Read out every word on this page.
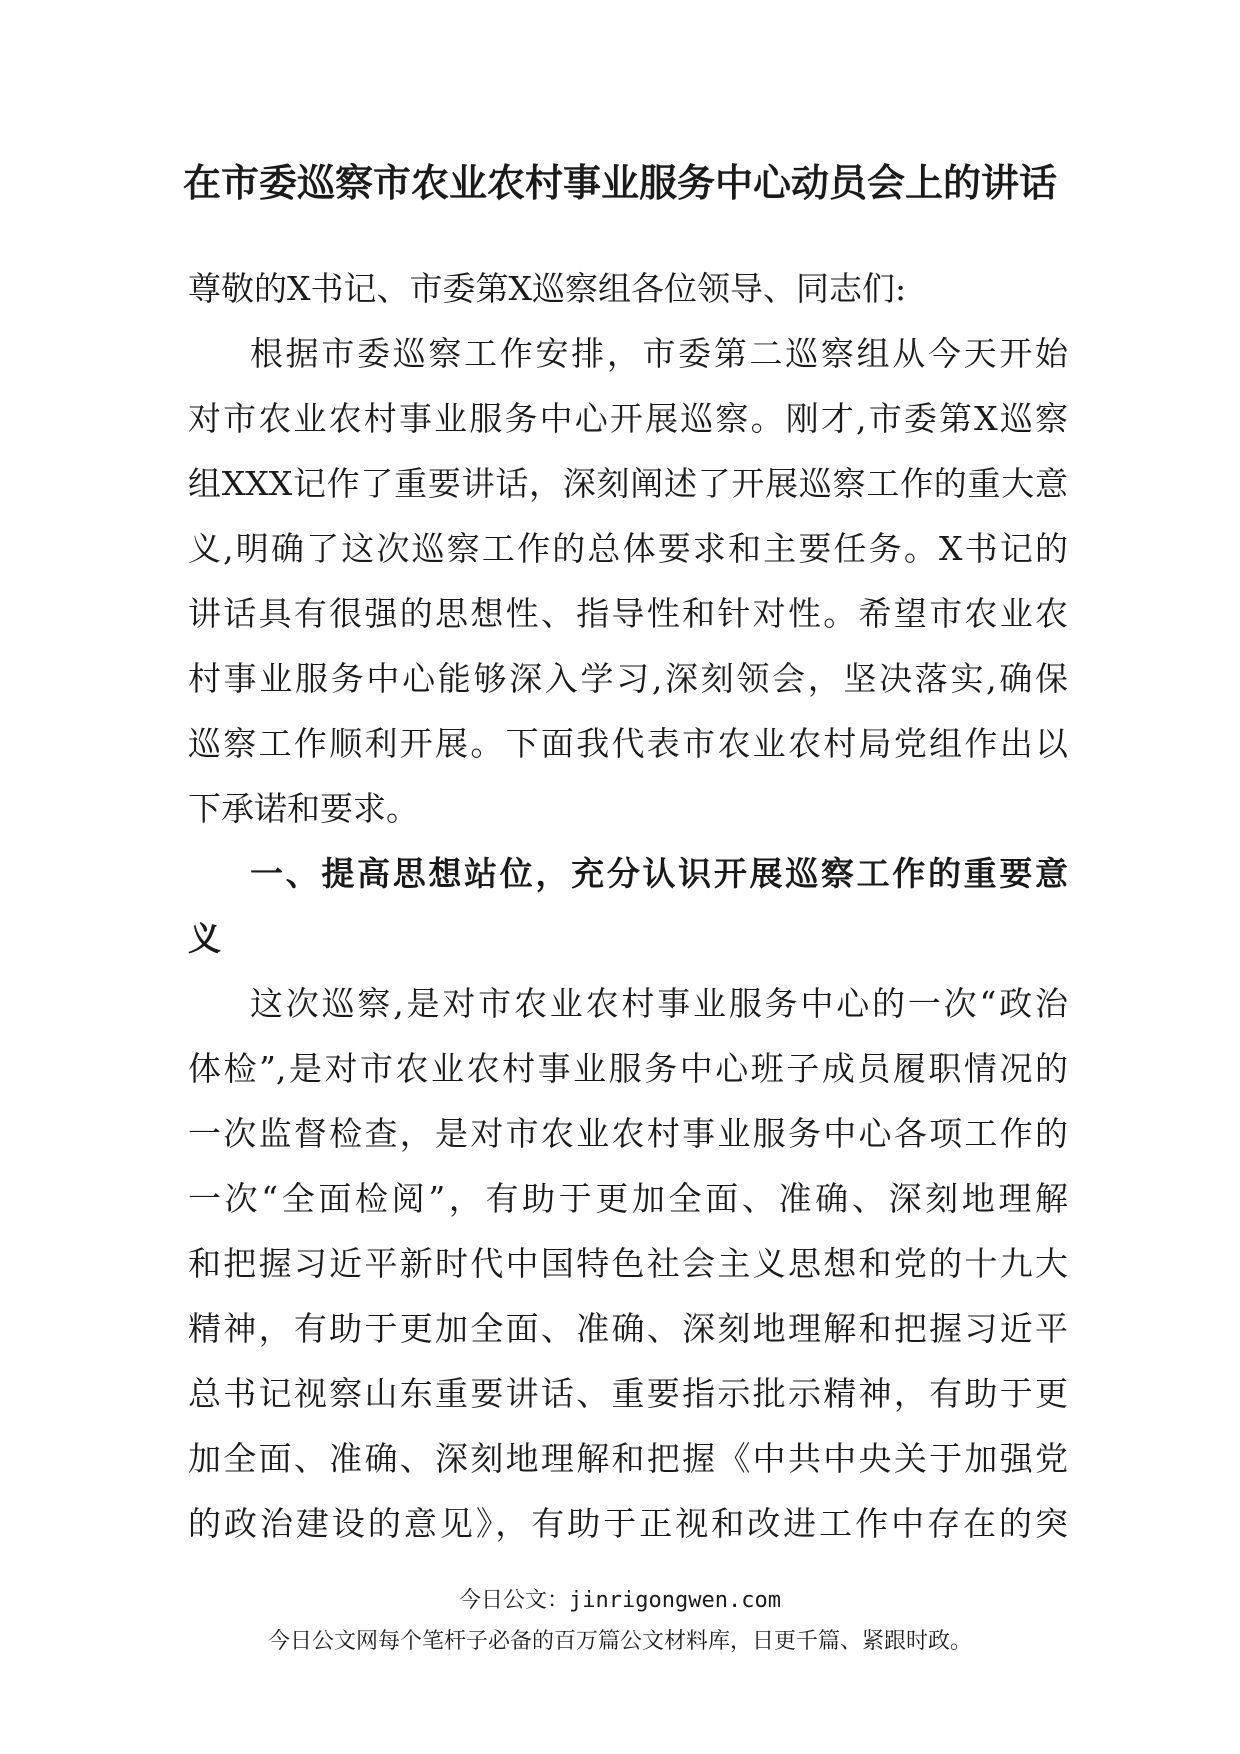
在市委巡察市农业农村事业服务中心动员会上的讲话
尊敬的X书记、市委第X巡察组各位领导、同志们:
根据市委巡察工作安排，市委第二巡察组从今天开始
对市农业农村事业服务中心开展巡察。刚才,市委第X巡察
组XXX记作了重要讲话，深刻阐述了开展巡察工作的重大意
义,明确了这次巡察工作的总体要求和主要任务。X书记的
讲话具有很强的思想性、指导性和针对性。希望市农业农
村事业服务中心能够深入学习,深刻领会，坚决落实,确保
巡察工作顺利开展。下面我代表市农业农村局党组作出以
下承诺和要求。
一、提高思想站位，充分认识开展巡察工作的重要意
义
这次巡察,是对市农业农村事业服务中心的一次“政治
体检”,是对市农业农村事业服务中心班子成员履职情况的
一次监督检查，是对市农业农村事业服务中心各项工作的
一次“全面检阅”，有助于更加全面、准确、深刻地理解
和把握习近平新时代中国特色社会主义思想和党的十九大
精神，有助于更加全面、准确、深刻地理解和把握习近平
总书记视察山东重要讲话、重要指示批示精神，有助于更
加全面、准确、深刻地理解和把握《中共中央关于加强党
的政治建设的意见》，有助于正视和改进工作中存在的突
今日公文：jinrigongwen.com
今日公文网每个笔杆子必备的百万篇公文材料库，日更千篇、紧跟时政。
